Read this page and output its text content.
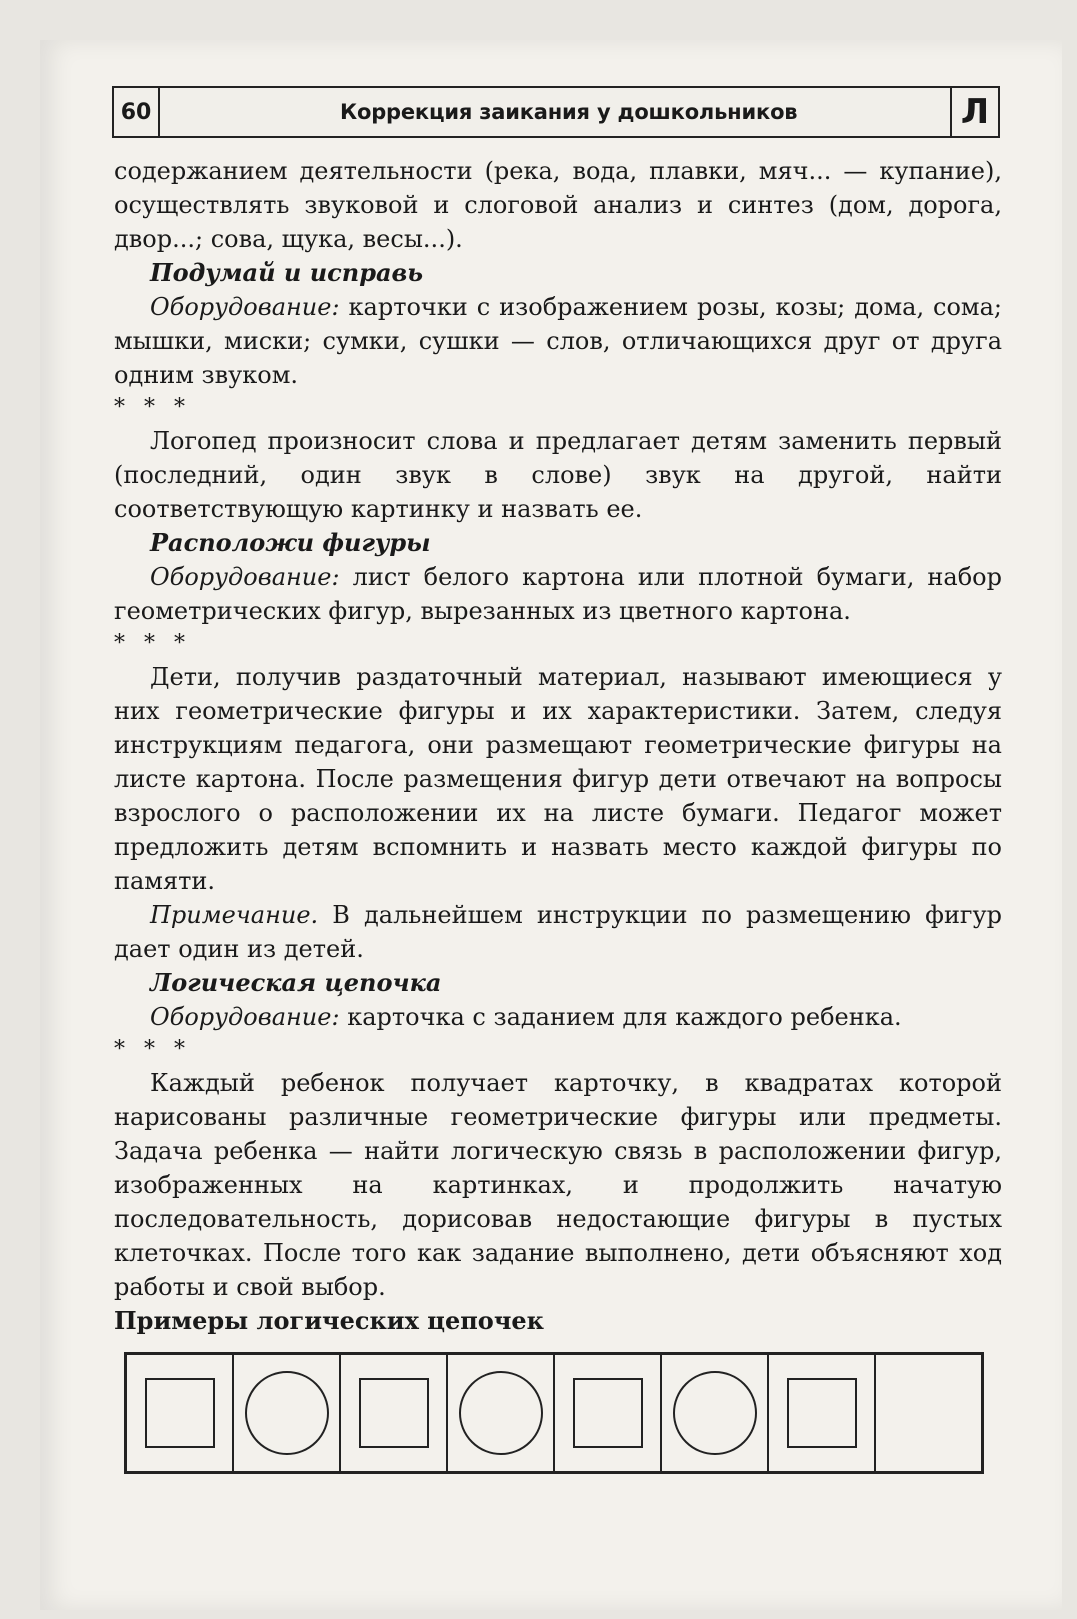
60	Коррекция заикания у дошкольников	Л

содержанием деятельности (река, вода, плавки, мяч... — купание), осуществлять звуковой и слоговой анализ и синтез (дом, дорога, двор...; сова, щука, весы...).

Подумай и исправь

Оборудование: карточки с изображением розы, козы; дома, сома; мышки, миски; сумки, сушки — слов, отличающихся друг от друга одним звуком.

* * *

Логопед произносит слова и предлагает детям заменить первый (последний, один звук в слове) звук на другой, найти соответствующую картинку и назвать ее.

Расположи фигуры

Оборудование: лист белого картона или плотной бумаги, набор геометрических фигур, вырезанных из цветного картона.

* * *

Дети, получив раздаточный материал, называют имеющиеся у них геометрические фигуры и их характеристики. Затем, следуя инструкциям педагога, они размещают геометрические фигуры на листе картона. После размещения фигур дети отвечают на вопросы взрослого о расположении их на листе бумаги. Педагог может предложить детям вспомнить и назвать место каждой фигуры по памяти.

Примечание. В дальнейшем инструкции по размещению фигур дает один из детей.

Логическая цепочка

Оборудование: карточка с заданием для каждого ребенка.

* * *

Каждый ребенок получает карточку, в квадратах которой нарисованы различные геометрические фигуры или предметы. Задача ребенка — найти логическую связь в расположении фигур, изображенных на картинках, и продолжить начатую последовательность, дорисовав недостающие фигуры в пустых клеточках. После того как задание выполнено, дети объясняют ход работы и свой выбор.

Примеры логических цепочек
